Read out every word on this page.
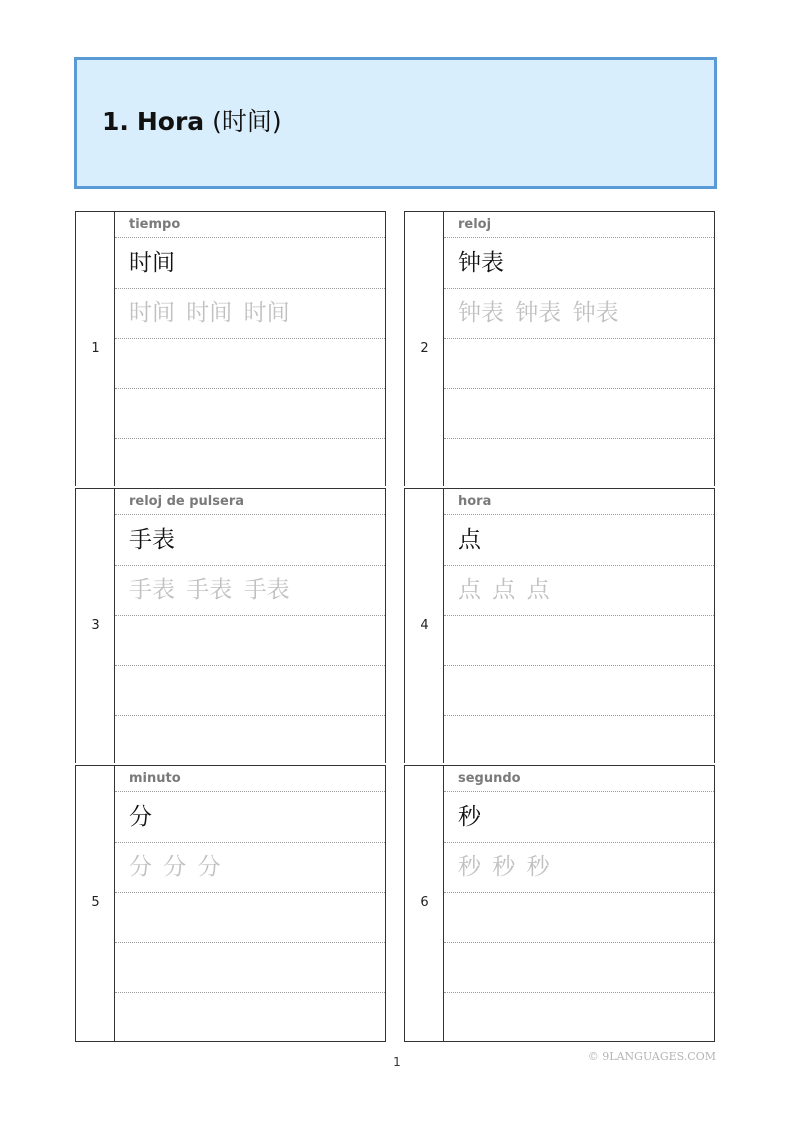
1. Hora (时间)
1
tiempo
时间
时间 时间 时间
2
reloj
钟表
钟表 钟表 钟表
3
reloj de pulsera
手表
手表 手表 手表
4
hora
点
点 点 点
5
minuto
分
分 分 分
6
segundo
秒
秒 秒 秒
1	© 9LANGUAGES.COM
